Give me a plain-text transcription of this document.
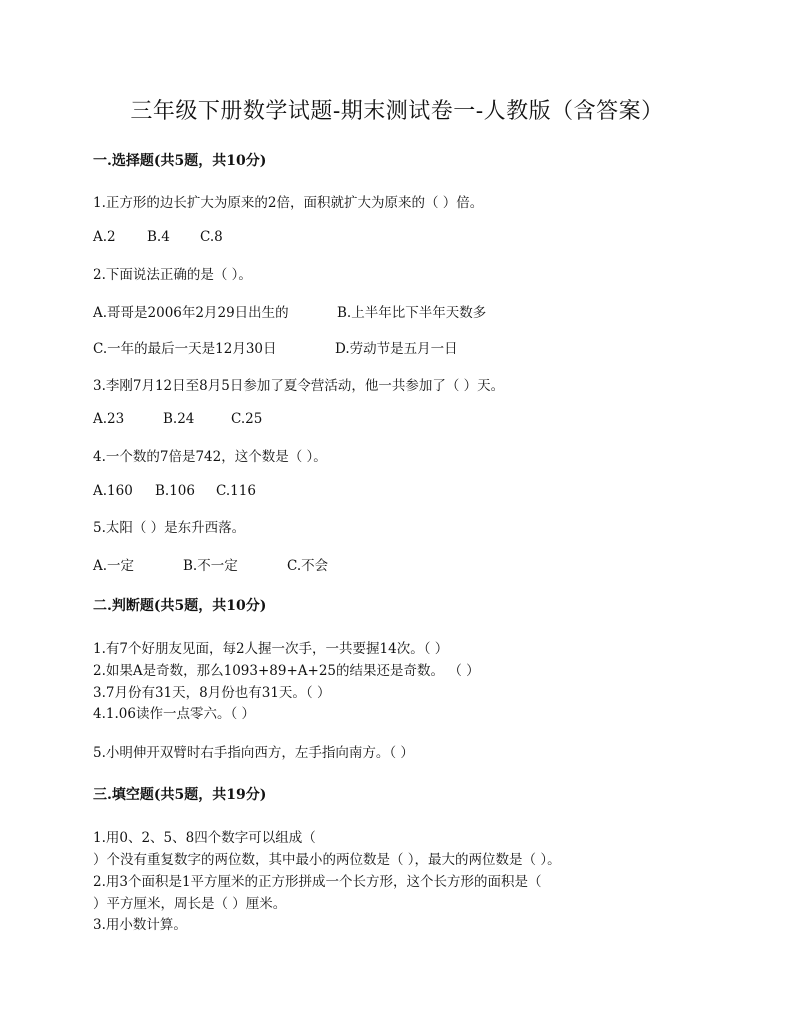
三年级下册数学试题-期末测试卷一-人教版（含答案）
一.选择题(共5题，共10分)
1.正方形的边长扩大为原来的2倍，面积就扩大为原来的（ ）倍。
A.2 B.4 C.8
2.下面说法正确的是（ ）。
A.哥哥是2006年2月29日出生的	B.上半年比下半年天数多
C.一年的最后一天是12月30日	D.劳动节是五月一日
3.李刚7月12日至8月5日参加了夏令营活动，他一共参加了（ ）天。
A.23	B.24	C.25
4.一个数的7倍是742，这个数是（ ）。
A.160 B.106 C.116
5.太阳（ ）是东升西落。
A.一定	B.不一定	C.不会
二.判断题(共5题，共10分)
1.有7个好朋友见面，每2人握一次手，一共要握14次。（ ）
2.如果A是奇数，那么1093+89+A+25的结果还是奇数。 （ ）
3.7月份有31天，8月份也有31天。（ ）
4.1.06读作一点零六。（ ）
5.小明伸开双臂时右手指向西方，左手指向南方。（ ）
三.填空题(共5题，共19分)
1.用0、2、5、8四个数字可以组成（
）个没有重复数字的两位数，其中最小的两位数是（ ），最大的两位数是（ ）。
2.用3个面积是1平方厘米的正方形拼成一个长方形，这个长方形的面积是（
）平方厘米，周长是（ ）厘米。
3.用小数计算。
